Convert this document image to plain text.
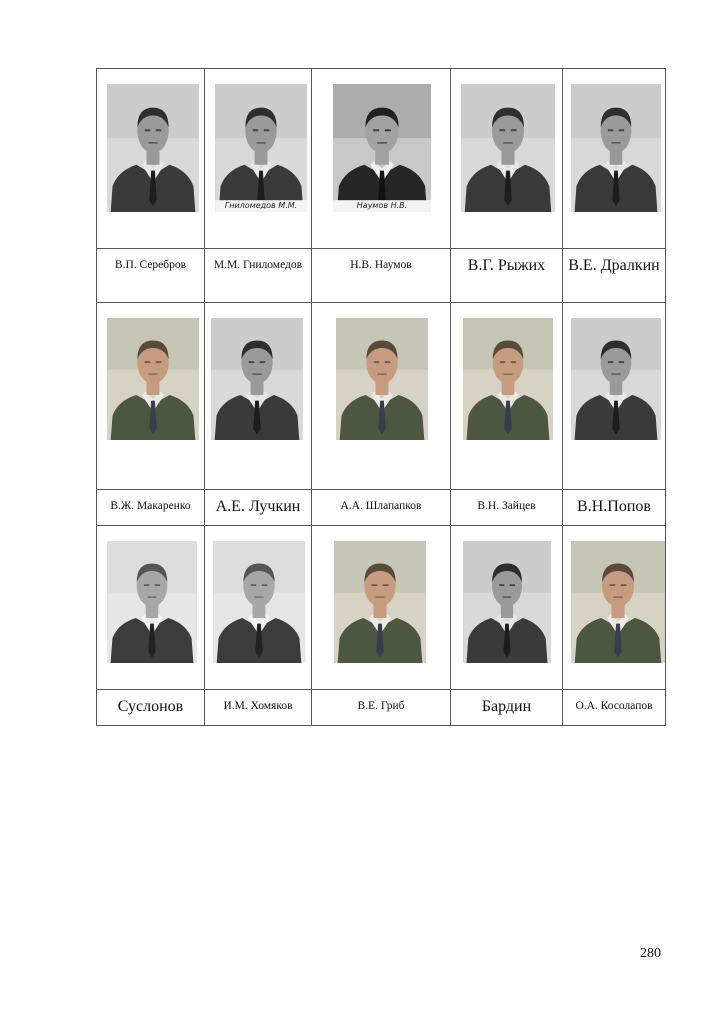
Гниломедов М.М.	Наумов Н.В.

В.П. Серебров	М.М. Гниломедов	Н.В. Наумов	В.Г. Рыжих	В.Е. Дралкин

В.Ж. Макаренко	А.Е. Лучкин	А.А. Шлапапков	В.Н. Зайцев	В.Н.Попов

Суслонов	И.М. Хомяков	В.Е. Гриб	Бардин	О.А. Косолапов
280
